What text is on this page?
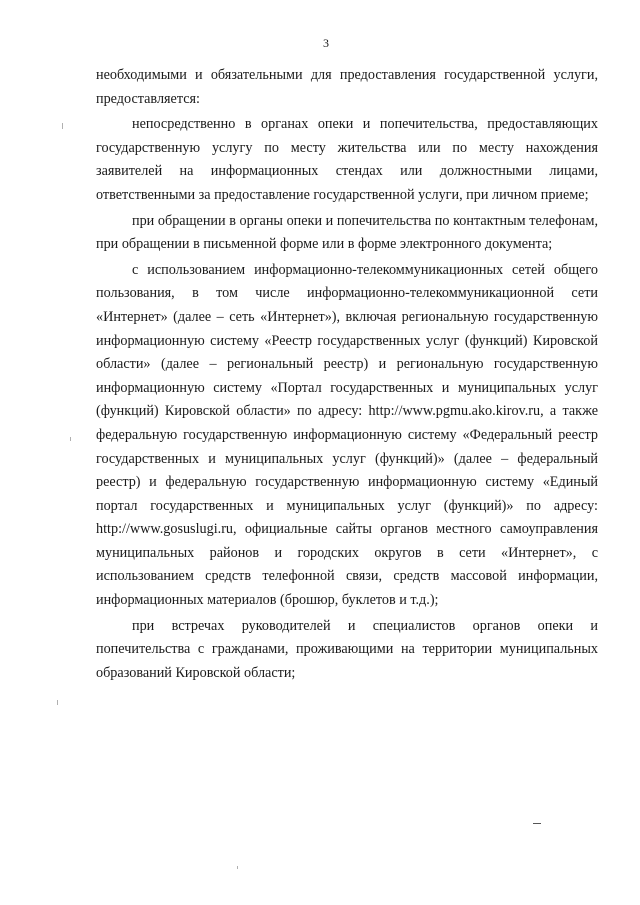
3

необходимыми и обязательными для предоставления государственной услуги, предоставляется:

непосредственно в органах опеки и попечительства, предоставляющих государственную услугу по месту жительства или по месту нахождения заявителей на информационных стендах или должностными лицами, ответственными за предоставление государственной услуги, при личном приеме;

при обращении в органы опеки и попечительства по контактным телефонам, при обращении в письменной форме или в форме электронного документа;

с использованием информационно-телекоммуникационных сетей общего пользования, в том числе информационно-телекоммуникационной сети «Интернет» (далее – сеть «Интернет»), включая региональную государственную информационную систему «Реестр государственных услуг (функций) Кировской области» (далее – региональный реестр) и региональную государственную информационную систему «Портал государственных и муниципальных услуг (функций) Кировской области» по адресу: http://www.pgmu.ako.kirov.ru, а также федеральную государственную информационную систему «Федеральный реестр государственных и муниципальных услуг (функций)» (далее – федеральный реестр) и федеральную государственную информационную систему «Единый портал государственных и муниципальных услуг (функций)» по адресу: http://www.gosuslugi.ru, официальные сайты органов местного самоуправления муниципальных районов и городских округов в сети «Интернет», с использованием средств телефонной связи, средств массовой информации, информационных материалов (брошюр, буклетов и т.д.);

при встречах руководителей и специалистов органов опеки и попечительства с гражданами, проживающими на территории муниципальных образований Кировской области;
